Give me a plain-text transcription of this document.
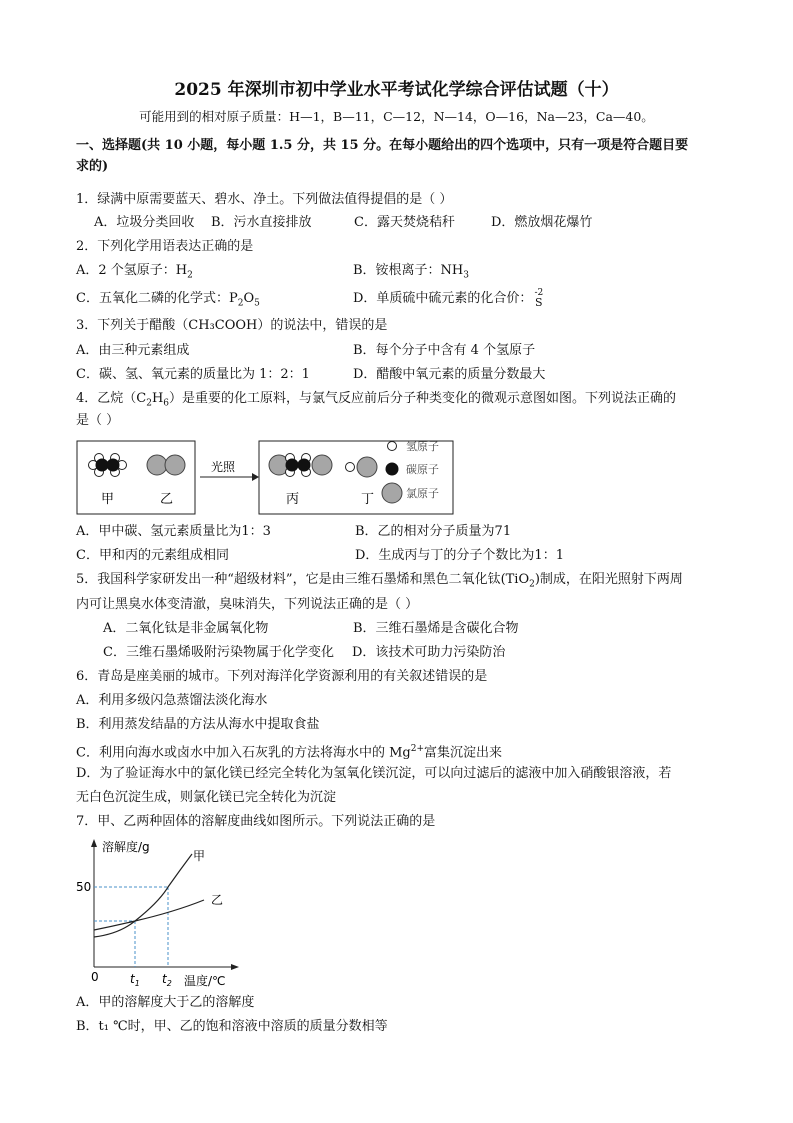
2025 年深圳市初中学业水平考试化学综合评估试题（十）
可能用到的相对原子质量：H—1，B—11，C—12，N—14，O—16，Na—23，Ca—40。
一、选择题(共 10 小题，每小题 1.5 分，共 15 分。在每小题给出的四个选项中，只有一项是符合题目要
求的)
1．绿满中原需要蓝天、碧水、净土。下列做法值得提倡的是（ ）
A．垃圾分类回收 B．污水直接排放	C．露天焚烧秸秆	D．燃放烟花爆竹
2．下列化学用语表达正确的是
A．2 个氢原子：$H_2$	B．铵根离子：$NH_3$
C．五氧化二磷的化学式：$P_2O_5$	D．单质硫中硫元素的化合价： -2
S
3．下列关于醋酸（CH₃COOH）的说法中，错误的是
A．由三种元素组成	B．每个分子中含有 4 个氢原子
C．碳、氢、氧元素的质量比为 1：2：1	D．醋酸中氧元素的质量分数最大
4．乙烷$(C_2H_6)$是重要的化工原料，与氯气反应前后分子种类变化的微观示意图如图。下列说法正确的
是（ ）
甲	乙
光照
丙	丁
氢原子
碳原子
氯原子
A．甲中碳、氢元素质量比为1：3	B．乙的相对分子质量为71
C．甲和丙的元素组成相同	D．生成丙与丁的分子个数比为1：1
5．我国科学家研发出一种“超级材料”，它是由三维石墨烯和黑色二氧化钛(TiO$_2$)制成，在阳光照射下两周
内可让黑臭水体变清澈，臭味消失，下列说法正确的是（ ）
A．二氧化钛是非金属氧化物	B．三维石墨烯是含碳化合物
C．三维石墨烯吸附污染物属于化学变化 D．该技术可助力污染防治
6．青岛是座美丽的城市。下列对海洋化学资源利用的有关叙述错误的是
A．利用多级闪急蒸馏法淡化海水
B．利用蒸发结晶的方法从海水中提取食盐
C．利用向海水或卤水中加入石灰乳的方法将海水中的 $Mg^{2+}$富集沉淀出来
D．为了验证海水中的氯化镁已经完全转化为氢氧化镁沉淀，可以向过滤后的滤液中加入硝酸银溶液，若
无白色沉淀生成，则氯化镁已完全转化为沉淀
7．甲、乙两种固体的溶解度曲线如图所示。下列说法正确的是
溶解度/g
温度/℃
0
50
$t_1$ $t_2$
甲
乙
A．甲的溶解度大于乙的溶解度
B．t₁ ℃时，甲、乙的饱和溶液中溶质的质量分数相等
